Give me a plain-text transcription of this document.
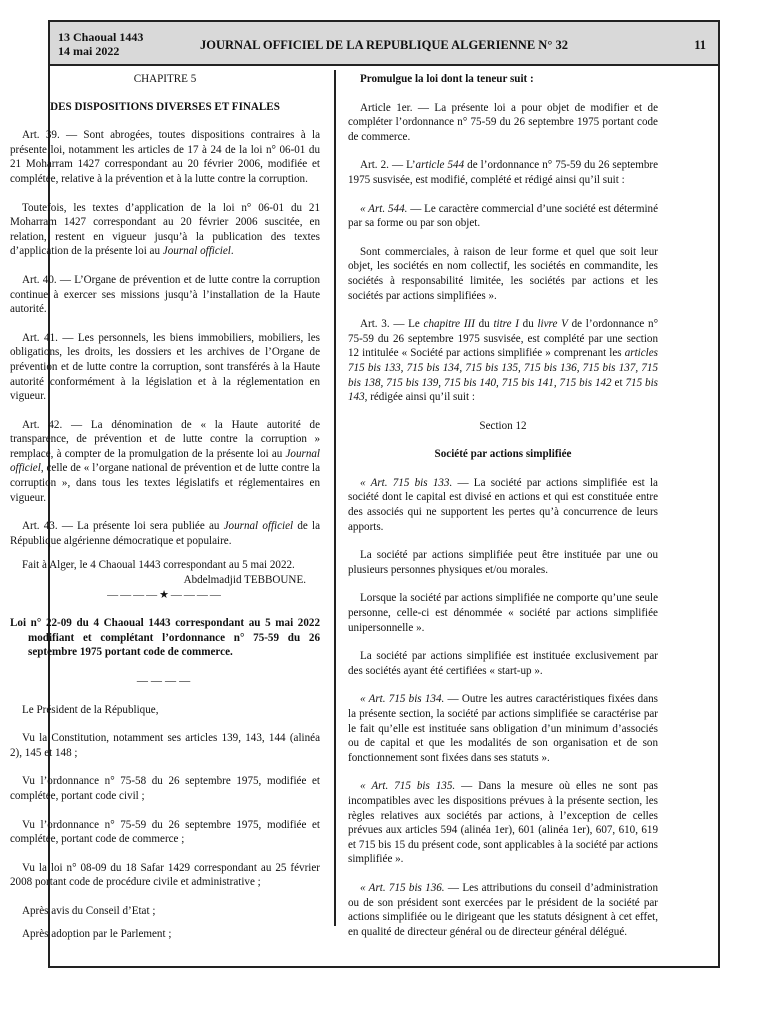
13 Chaoual 1443
14 mai 2022	JOURNAL OFFICIEL DE LA REPUBLIQUE ALGERIENNE N° 32	11

CHAPITRE 5

DES DISPOSITIONS DIVERSES ET FINALES

Art. 39. — Sont abrogées, toutes dispositions contraires à la présente loi, notamment les articles de 17 à 24 de la loi n° 06-01 du 21 Moharram 1427 correspondant au 20 février 2006, modifiée et complétée, relative à la prévention et à la lutte contre la corruption.

Toutefois, les textes d’application de la loi n° 06-01 du 21 Moharram 1427 correspondant au 20 février 2006 suscitée, en relation, restent en vigueur jusqu’à la publication des textes d’application de la présente loi au Journal officiel.

Art. 40. — L’Organe de prévention et de lutte contre la corruption continue à exercer ses missions jusqu’à l’installation de la Haute autorité.

Art. 41. — Les personnels, les biens immobiliers, mobiliers, les obligations, les droits, les dossiers et les archives de l’Organe de prévention et de lutte contre la corruption, sont transférés à la Haute autorité conformément à la législation et à la réglementation en vigueur.

Art. 42. — La dénomination de « la Haute autorité de transparence, de prévention et de lutte contre la corruption » remplace, à compter de la promulgation de la présente loi au Journal officiel, celle de « l’organe national de prévention et de lutte contre la corruption », dans tous les textes législatifs et réglementaires en vigueur.

Art. 43. — La présente loi sera publiée au Journal officiel de la République algérienne démocratique et populaire.

Fait à Alger, le 4 Chaoual 1443 correspondant au 5 mai 2022.

Abdelmadjid TEBBOUNE.

————★————

Loi n° 22-09 du 4 Chaoual 1443 correspondant au 5 mai 2022 modifiant et complétant l’ordonnance n° 75-59 du 26 septembre 1975 portant code de commerce.

————

Le Président de la République,

Vu la Constitution, notamment ses articles 139, 143, 144 (alinéa 2), 145 et 148 ;

Vu l’ordonnance n° 75-58 du 26 septembre 1975, modifiée et complétée, portant code civil ;

Vu l’ordonnance n° 75-59 du 26 septembre 1975, modifiée et complétée, portant code de commerce ;

Vu la loi n° 08-09 du 18 Safar 1429 correspondant au 25 février 2008 portant code de procédure civile et administrative ;

Après avis du Conseil d’Etat ;

Après adoption par le Parlement ;

Promulgue la loi dont la teneur suit :

Article 1er. — La présente loi a pour objet de modifier et de compléter l’ordonnance n° 75-59 du 26 septembre 1975 portant code de commerce.

Art. 2. — L’article 544 de l’ordonnance n° 75-59 du 26 septembre 1975 susvisée, est modifié, complété et rédigé ainsi qu’il suit :

« Art. 544. — Le caractère commercial d’une société est déterminé par sa forme ou par son objet.

Sont commerciales, à raison de leur forme et quel que soit leur objet, les sociétés en nom collectif, les sociétés en commandite, les sociétés à responsabilité limitée, les sociétés par actions et les sociétés par actions simplifiées ».

Art. 3. — Le chapitre III du titre I du livre V de l’ordonnance n° 75-59 du 26 septembre 1975 susvisée, est complété par une section 12 intitulée « Société par actions simplifiée » comprenant les articles 715 bis 133, 715 bis 134, 715 bis 135, 715 bis 136, 715 bis 137, 715 bis 138, 715 bis 139, 715 bis 140, 715 bis 141, 715 bis 142 et 715 bis 143, rédigée ainsi qu’il suit :

Section 12

Société par actions simplifiée

« Art. 715 bis 133. — La société par actions simplifiée est la société dont le capital est divisé en actions et qui est constituée entre des associés qui ne supportent les pertes qu’à concurrence de leurs apports.

La société par actions simplifiée peut être instituée par une ou plusieurs personnes physiques et/ou morales.

Lorsque la société par actions simplifiée ne comporte qu’une seule personne, celle-ci est dénommée « société par actions simplifiée unipersonnelle ».

La société par actions simplifiée est instituée exclusivement par des sociétés ayant été certifiées « start-up ».

« Art. 715 bis 134. — Outre les autres caractéristiques fixées dans la présente section, la société par actions simplifiée se caractérise par le fait qu’elle est instituée sans obligation d’un minimum d’associés ou de capital et que les modalités de son organisation et de son fonctionnement sont fixées dans ses statuts ».

« Art. 715 bis 135. — Dans la mesure où elles ne sont pas incompatibles avec les dispositions prévues à la présente section, les règles relatives aux sociétés par actions, à l’exception de celles prévues aux articles 594 (alinéa 1er), 601 (alinéa 1er), 607, 610, 619 et 715 bis 15 du présent code, sont applicables à la société par actions simplifiée ».

« Art. 715 bis 136. — Les attributions du conseil d’administration ou de son président sont exercées par le président de la société par actions simplifiée ou le dirigeant que les statuts désignent à cet effet, en qualité de directeur général ou de directeur général délégué.
